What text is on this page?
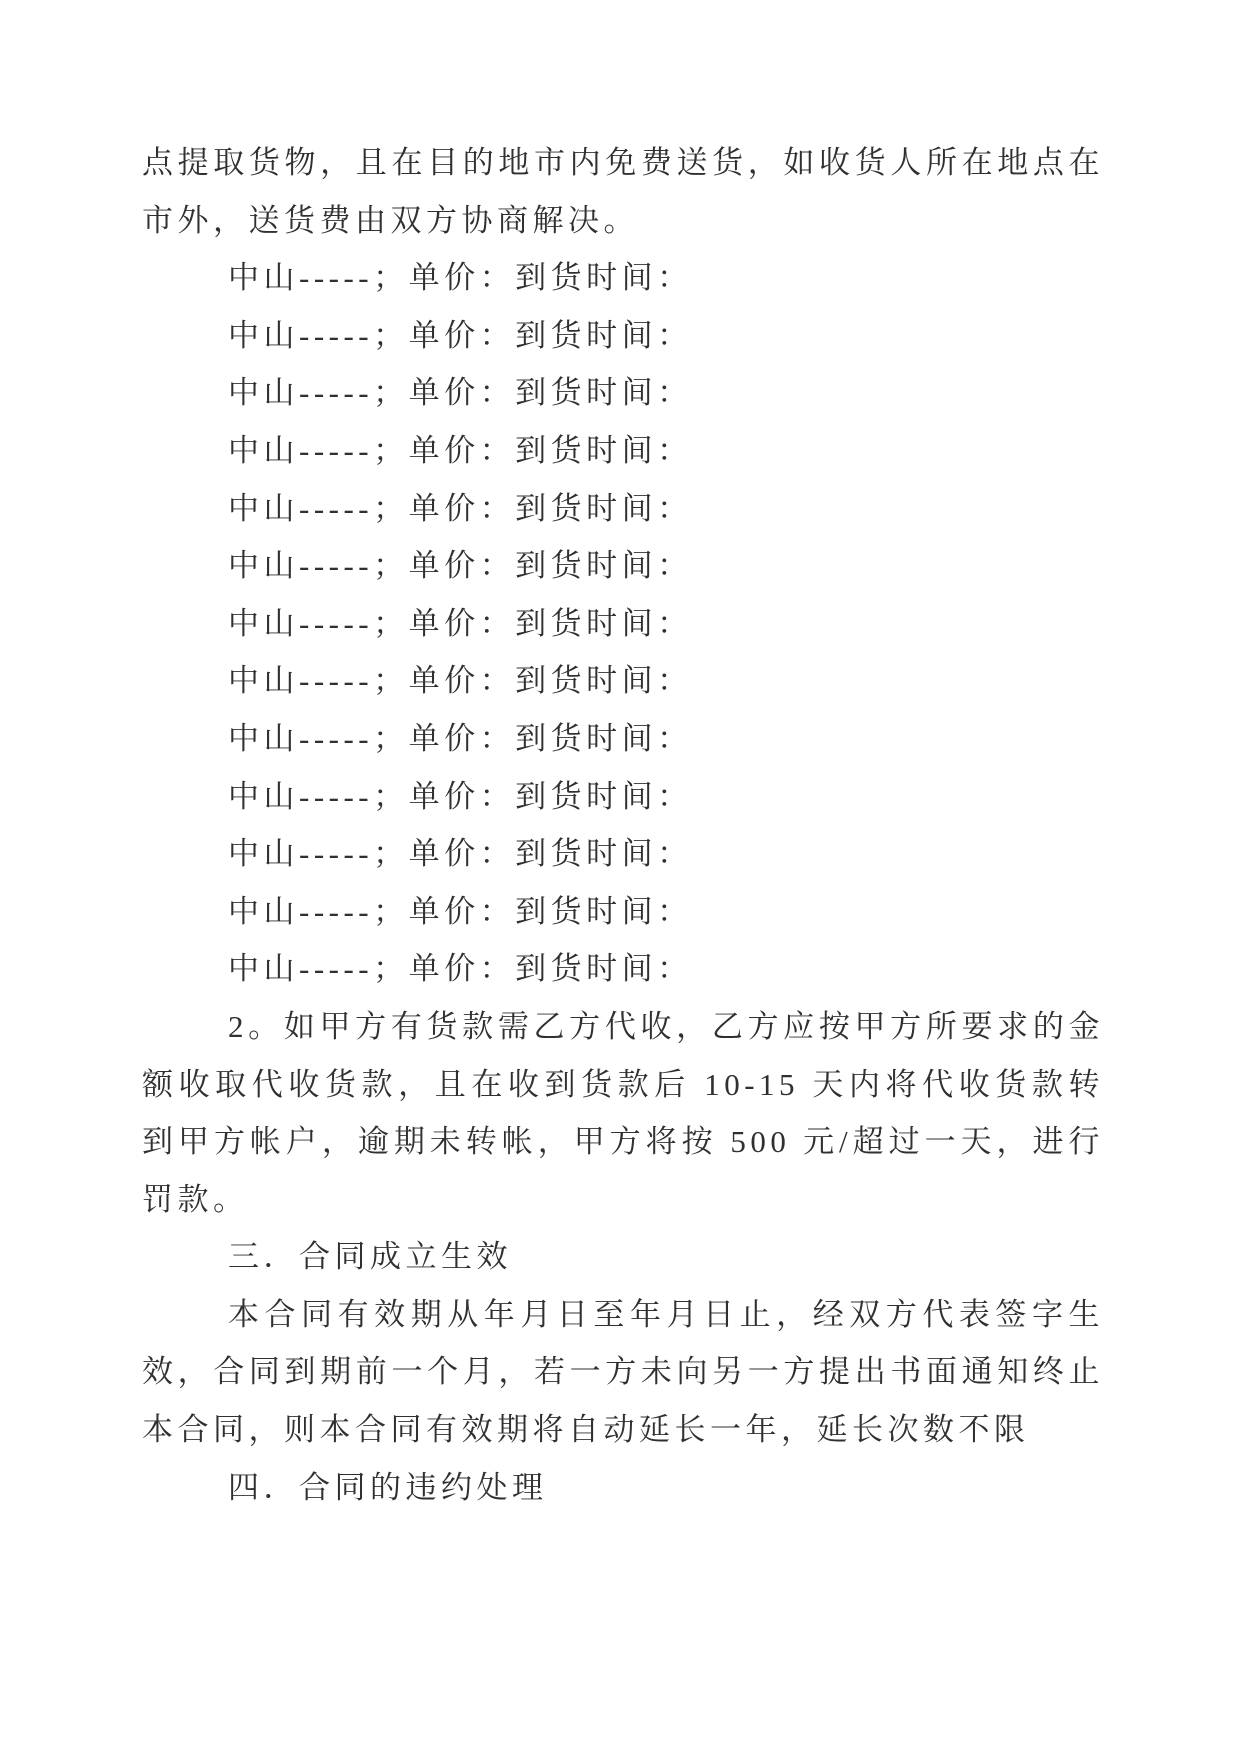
点提取货物，且在目的地市内免费送货，如收货人所在地点在市外，送货费由双方协商解决。

中山-----；单价：到货时间：

中山-----；单价：到货时间：

中山-----；单价：到货时间：

中山-----；单价：到货时间：

中山-----；单价：到货时间：

中山-----；单价：到货时间：

中山-----；单价：到货时间：

中山-----；单价：到货时间：

中山-----；单价：到货时间：

中山-----；单价：到货时间：

中山-----；单价：到货时间：

中山-----；单价：到货时间：

中山-----；单价：到货时间：

2。如甲方有货款需乙方代收，乙方应按甲方所要求的金额收取代收货款，且在收到货款后 10-15 天内将代收货款转到甲方帐户，逾期未转帐，甲方将按 500 元/超过一天，进行罚款。

三．合同成立生效

本合同有效期从年月日至年月日止，经双方代表签字生效，合同到期前一个月，若一方未向另一方提出书面通知终止本合同，则本合同有效期将自动延长一年，延长次数不限

四．合同的违约处理
